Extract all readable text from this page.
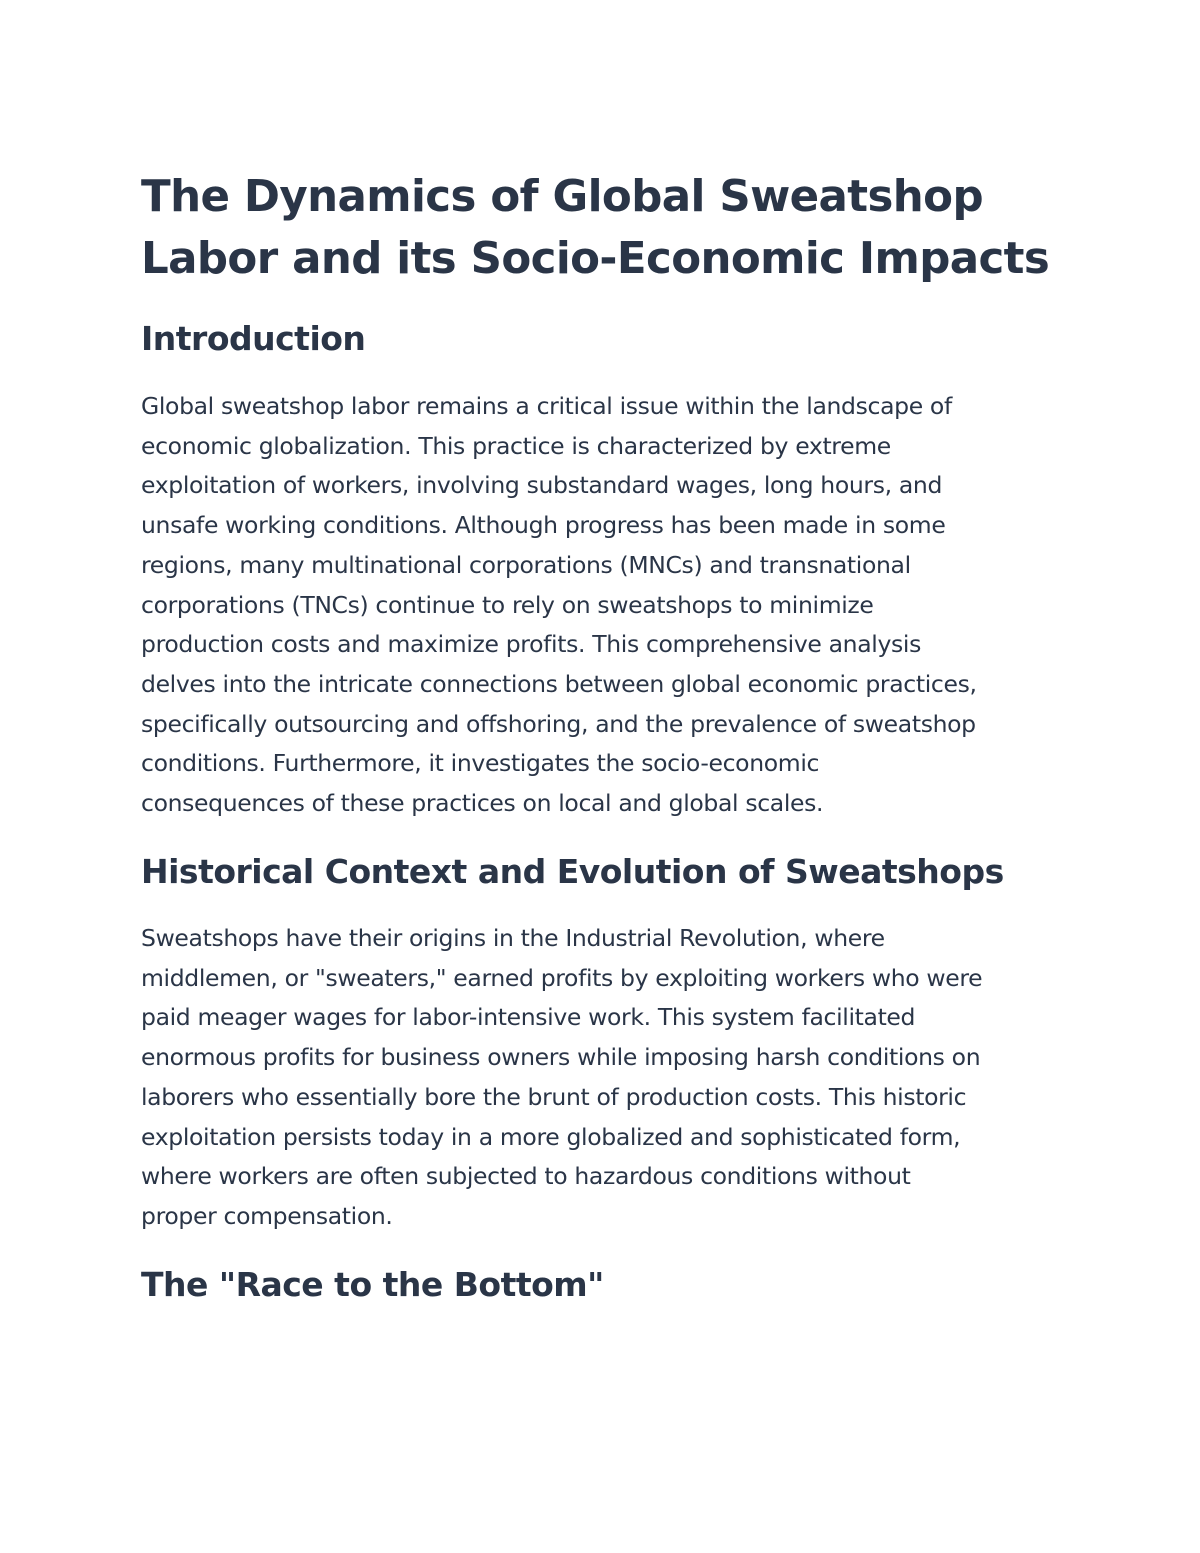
The Dynamics of Global Sweatshop
Labor and its Socio-Economic Impacts
Introduction
Global sweatshop labor remains a critical issue within the landscape of
economic globalization. This practice is characterized by extreme
exploitation of workers, involving substandard wages, long hours, and
unsafe working conditions. Although progress has been made in some
regions, many multinational corporations (MNCs) and transnational
corporations (TNCs) continue to rely on sweatshops to minimize
production costs and maximize profits. This comprehensive analysis
delves into the intricate connections between global economic practices,
specifically outsourcing and offshoring, and the prevalence of sweatshop
conditions. Furthermore, it investigates the socio-economic
consequences of these practices on local and global scales.
Historical Context and Evolution of Sweatshops
Sweatshops have their origins in the Industrial Revolution, where
middlemen, or "sweaters," earned profits by exploiting workers who were
paid meager wages for labor-intensive work. This system facilitated
enormous profits for business owners while imposing harsh conditions on
laborers who essentially bore the brunt of production costs. This historic
exploitation persists today in a more globalized and sophisticated form,
where workers are often subjected to hazardous conditions without
proper compensation.
The "Race to the Bottom"
